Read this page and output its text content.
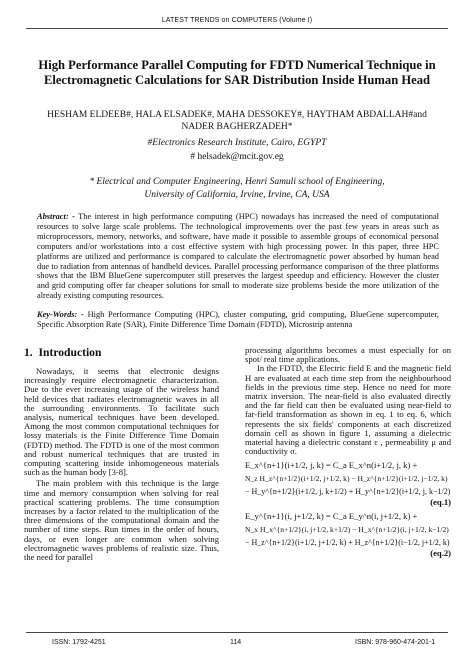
LATEST TRENDS on COMPUTERS (Volume I)
High Performance Parallel Computing for FDTD Numerical Technique in Electromagnetic Calculations for SAR Distribution Inside Human Head
HESHAM ELDEEB#, HALA ELSADEK#, MAHA DESSOKEY#, HAYTHAM ABDALLAH#and
NADER BAGHERZADEH*
#Electronics Research Institute, Cairo, EGYPT
# helsadek@mcit.gov.eg
* Electrical and Computer Engineering, Henri Samuli school of Engineering,
University of California, Irvine, Irvine, CA, USA
Abstract: - The interest in high performance computing (HPC) nowadays has increased the need of computational resources to solve large scale problems. The technological improvements over the past few years in areas such as microprocessors, memory, networks, and software, have made it possible to assemble groups of economical personal computers and/or workstations into a cost effective system with high processing power. In this paper, three HPC platforms are utilized and performance is compared to calculate the electromagnetic power absorbed by human head due to radiation from antennas of handheld devices. Parallel processing performance comparison of the three platforms shows that the IBM BlueGene supercomputer still preserves the largest speedup and efficiency. However the cluster and grid computing offer far cheaper solutions for small to moderate size problems beside the more utilization of the already existing computing resources.
Key-Words: - High Performance Computing (HPC), cluster computing, grid computing, BlueGene supercomputer, Specific Absorption Rate (SAR), Finite Difference Time Domain (FDTD), Microstrip antenna
1. Introduction

Nowadays, it seems that electronic designs increasingly require electromagnetic characterization. Due to the ever increasing usage of the wireless hand held devices that radiates electromagnetic waves in all the surrounding environments. To facilitate such analysis, numerical techniques have been developed. Among the most common computational techniques for lossy materials is the Finite Difference Time Domain (FDTD) method. The FDTD is one of the most common and robust numerical techniques that are trusted in computing scattering inside inhomogeneous materials such as the human body [3-8].

The main problem with this technique is the large time and memory consumption when solving for real practical scattering problems. The time consumption increases by a factor related to the multiplication of the three dimensions of the computational domain and the number of time steps. Run times in the order of hours, days, or even longer are common when solving electromagnetic waves problems of realistic size. Thus, the need for parallel

processing algorithms becomes a must especially for on spot/ real time applications.

In the FDTD, the Electric field E and the magnetic field H are evaluated at each time step from the neighbourhood fields in the previous time step. Hence no need for more matrix inversion. The near-field is also evaluated directly and the far field can then be evaluated using near-field to far-field transformation as shown in eq. 1 to eq. 6, which represents the six fields' components at each discretized domain cell as shown in figure 1, assuming a dielectric material having a dielectric constant ε , permeability μ and conductivity σ.

E_x^{n+1}(i+1/2, j, k) = C_a E_x^n(i+1/2, j, k) +
N_z H_z^{n+1/2}(i+1/2, j+1/2, k) − H_z^{n+1/2}(i+1/2, j−1/2, k)
− H_y^{n+1/2}(i+1/2, j, k+1/2) + H_y^{n+1/2}(i+1/2, j, k−1/2)
(eq.1)
E_y^{n+1}(i, j+1/2, k) = C_a E_y^n(i, j+1/2, k) +
N_x H_x^{n+1/2}(i, j+1/2, k+1/2) − H_x^{n+1/2}(i, j+1/2, k−1/2)
− H_z^{n+1/2}(i+1/2, j+1/2, k) + H_z^{n+1/2}(i−1/2, j+1/2, k)
(eq.2)
ISSN: 1792-4251	114	ISBN: 978-960-474-201-1
